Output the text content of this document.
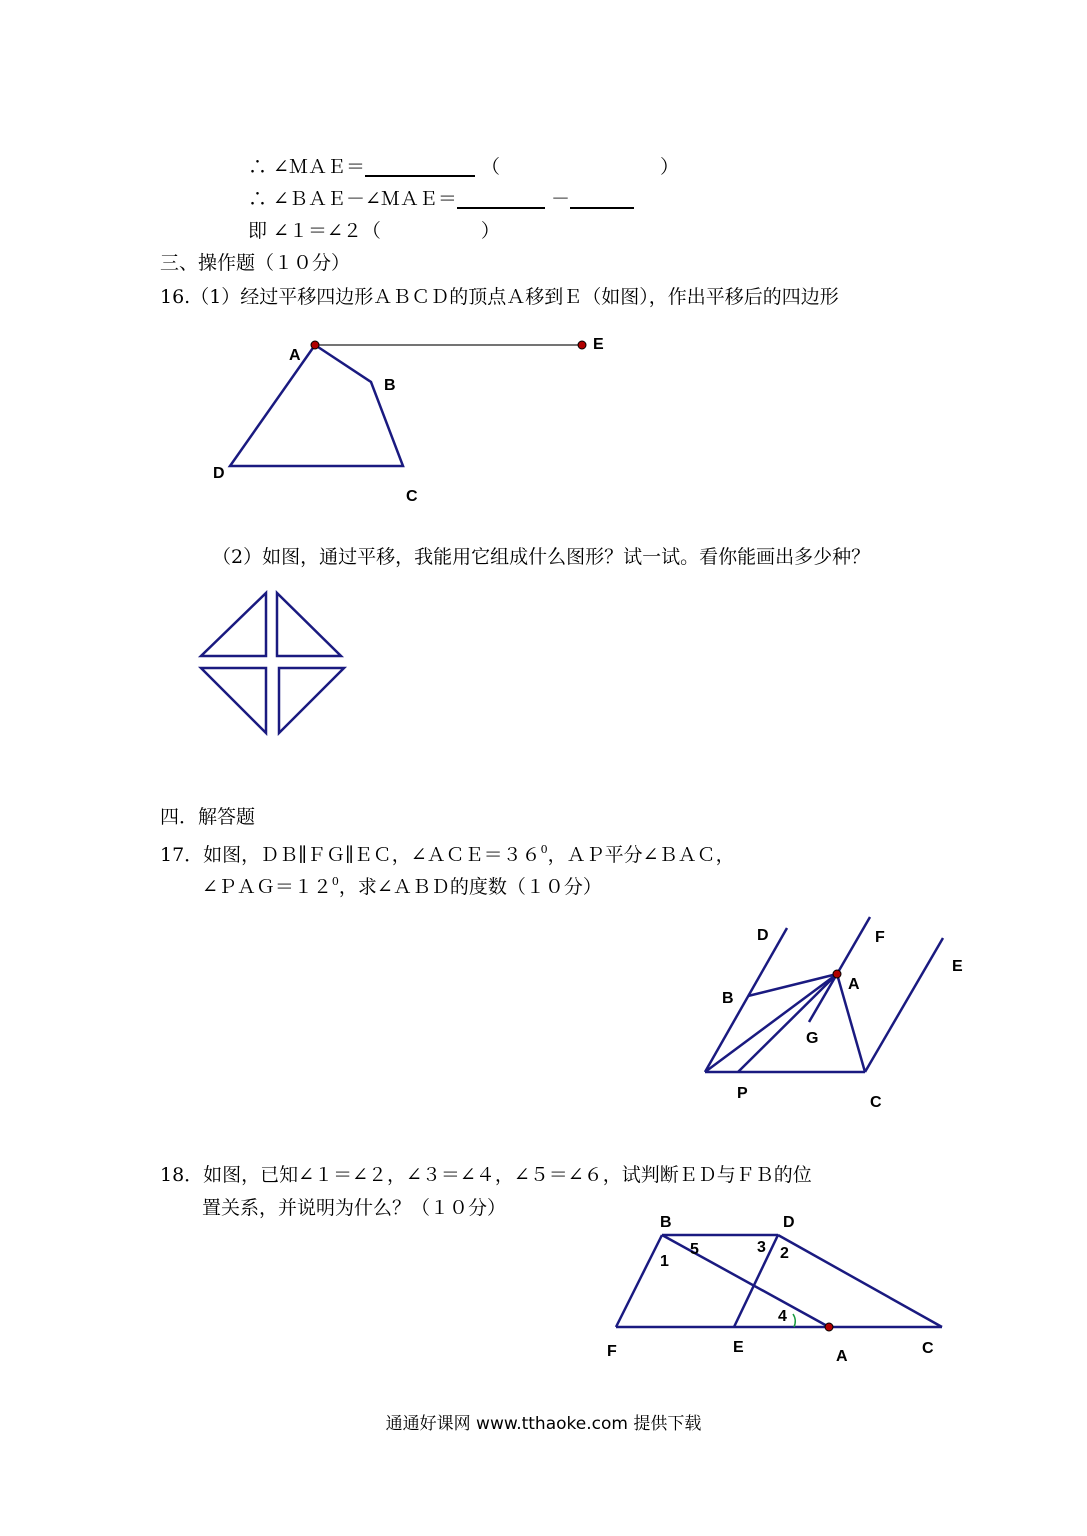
∴ ∠ＭＡＥ＝	（	）
∴ ∠ＢＡＥ－∠ＭＡＥ＝	－
即 ∠１＝∠２（	）
三、操作题（１０分）
16.（1）经过平移四边形ＡＢＣＤ的顶点Ａ移到Ｅ（如图），作出平移后的四边形
（2）如图，通过平移，我能用它组成什么图形？试一试。看你能画出多少种？
四．解答题
17．如图，ＤＢ∥ＦＧ∥ＥＣ，$\angle ACE=36^0$，ＡＰ平分∠ＢＡＣ，
$\angle PAG=12^0$，求∠ＡＢＤ的度数（１０分）
18．如图，已知∠１＝∠２，∠３＝∠４，∠５＝∠６，试判断ＥＤ与ＦＢ的位
置关系，并说明为什么？（１０分）
通通好课网 www.tthaoke.com 提供下载
A
B
C
D
E
D	F
E
B
A
G
P
C
B	D
F	E
A	C
1	2
3
4
5
